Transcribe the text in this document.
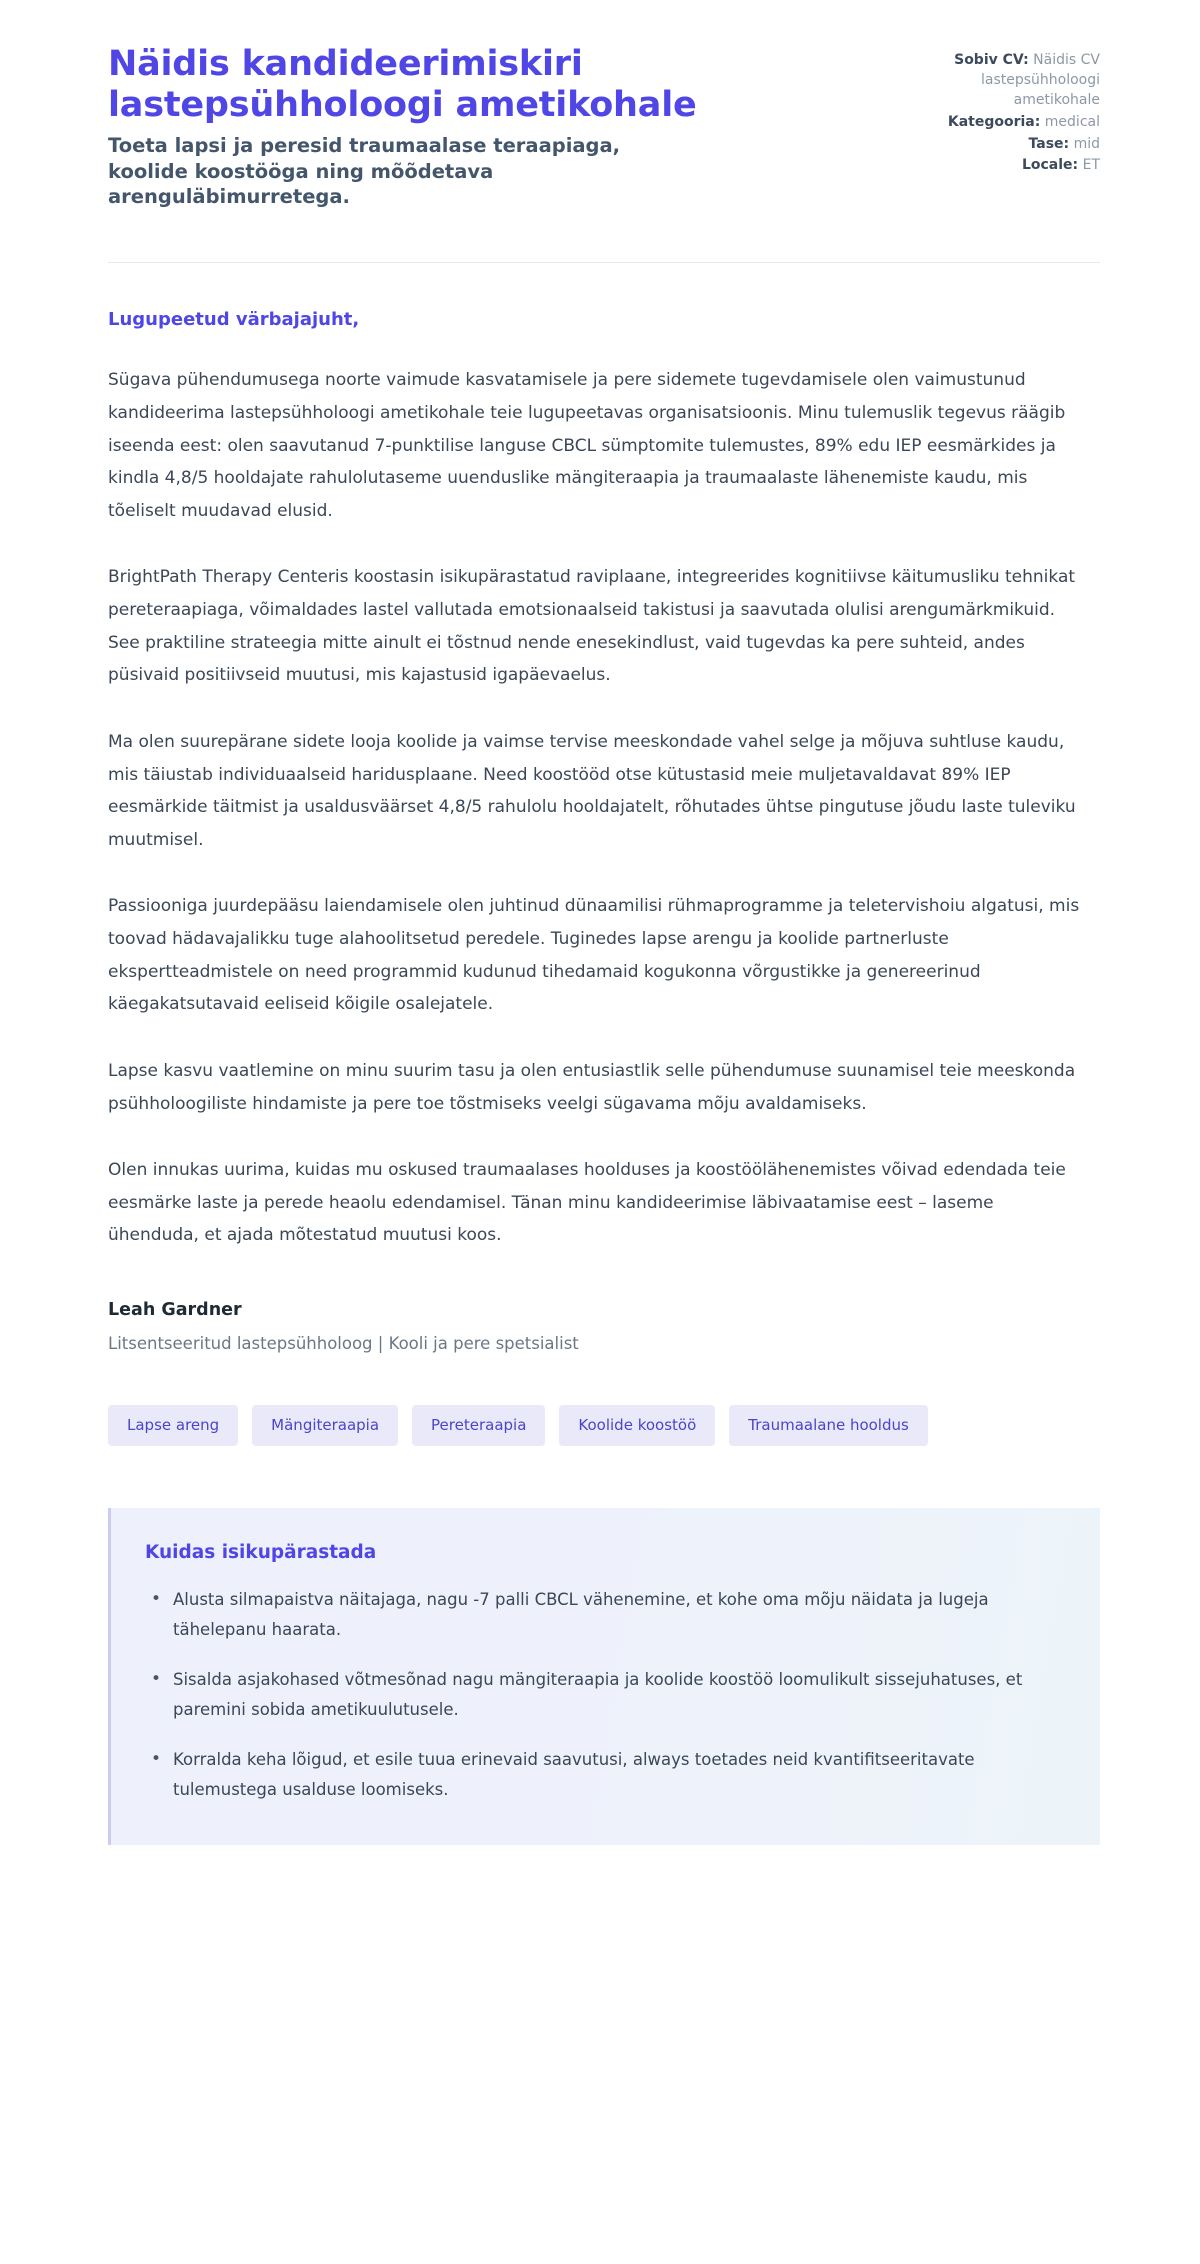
Näidis kandideerimiskiri lastepsühholoogi ametikohale

Toeta lapsi ja peresid traumaalase teraapiaga, koolide koostööga ning mõõdetava arenguläbimurretega.

Sobiv CV: Näidis CV lastepsühholoogi ametikohale
Kategooria: medical
Tase: mid
Locale: ET

Lugupeetud värbajajuht,

Sügava pühendumusega noorte vaimude kasvatamisele ja pere sidemete tugevdamisele olen vaimustunud kandideerima lastepsühholoogi ametikohale teie lugupeetavas organisatsioonis. Minu tulemuslik tegevus räägib iseenda eest: olen saavutanud 7-punktilise languse CBCL sümptomite tulemustes, 89% edu IEP eesmärkides ja kindla 4,8/5 hooldajate rahulolutaseme uuenduslike mängiteraapia ja traumaalaste lähenemiste kaudu, mis tõeliselt muudavad elusid.

BrightPath Therapy Centeris koostasin isikupärastatud raviplaane, integreerides kognitiivse käitumusliku tehnikat pereteraapiaga, võimaldades lastel vallutada emotsionaalseid takistusi ja saavutada olulisi arengumärkmikuid. See praktiline strateegia mitte ainult ei tõstnud nende enesekindlust, vaid tugevdas ka pere suhteid, andes püsivaid positiivseid muutusi, mis kajastusid igapäevaelus.

Ma olen suurepärane sidete looja koolide ja vaimse tervise meeskondade vahel selge ja mõjuva suhtluse kaudu, mis täiustab individuaalseid haridusplaane. Need koostööd otse kütustasid meie muljetavaldavat 89% IEP eesmärkide täitmist ja usaldusväärset 4,8/5 rahulolu hooldajatelt, rõhutades ühtse pingutuse jõudu laste tuleviku muutmisel.

Passiooniga juurdepääsu laiendamisele olen juhtinud dünaamilisi rühmaprogramme ja teletervishoiu algatusi, mis toovad hädavajalikku tuge alahoolitsetud peredele. Tuginedes lapse arengu ja koolide partnerluste ekspertteadmistele on need programmid kudunud tihedamaid kogukonna võrgustikke ja genereerinud käegakatsutavaid eeliseid kõigile osalejatele.

Lapse kasvu vaatlemine on minu suurim tasu ja olen entusiastlik selle pühendumuse suunamisel teie meeskonda psühholoogiliste hindamiste ja pere toe tõstmiseks veelgi sügavama mõju avaldamiseks.

Olen innukas uurima, kuidas mu oskused traumaalases hoolduses ja koostöölähenemistes võivad edendada teie eesmärke laste ja perede heaolu edendamisel. Tänan minu kandideerimise läbivaatamise eest – laseme ühenduda, et ajada mõtestatud muutusi koos.

Leah Gardner

Litsentseeritud lastepsühholoog | Kooli ja pere spetsialist

Lapse areng	Mängiteraapia	Pereteraapia	Koolide koostöö	Traumaalane hooldus

Kuidas isikupärastada

• Alusta silmapaistva näitajaga, nagu -7 palli CBCL vähenemine, et kohe oma mõju näidata ja lugeja tähelepanu haarata.
• Sisalda asjakohased võtmesõnad nagu mängiteraapia ja koolide koostöö loomulikult sissejuhatuses, et paremini sobida ametikuulutusele.
• Korralda keha lõigud, et esile tuua erinevaid saavutusi, always toetades neid kvantifitseeritavate tulemustega usalduse loomiseks.
